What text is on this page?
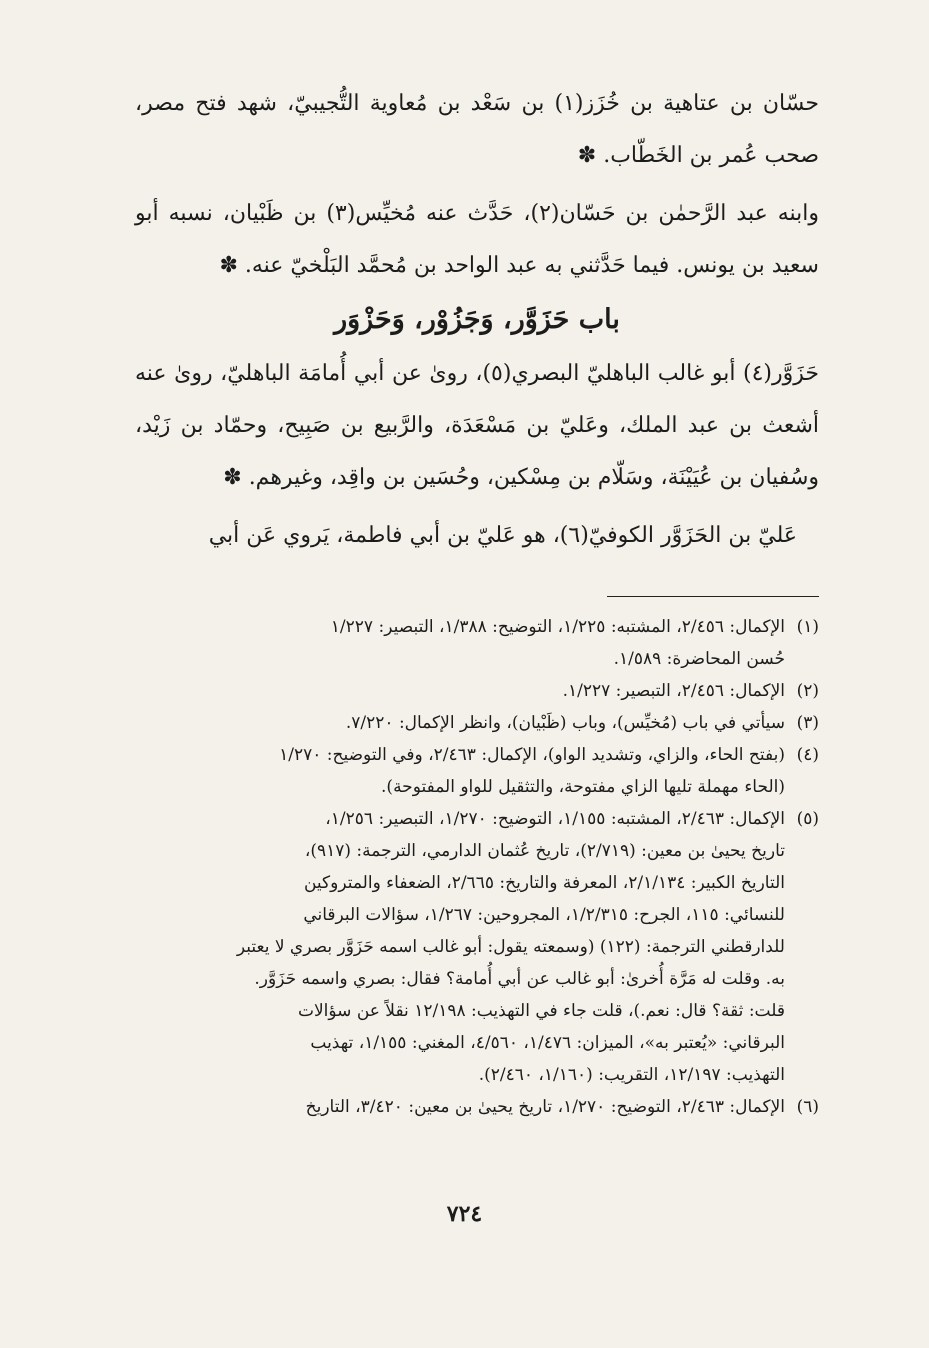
حسّان بن عتاهية بن خُزَز(١) بن سَعْد بن مُعاوية التُّجيبيّ، شهد فتح مصر، صحب عُمر بن الخَطّاب. ✽

وابنه عبد الرَّحمٰن بن حَسّان(٢)، حَدَّث عنه مُخيِّس(٣) بن ظَبْيان، نسبه أبو سعيد بن يونس. فيما حَدَّثني به عبد الواحد بن مُحمَّد البَلْخيّ عنه. ✽

باب حَزَوَّر، وَجَزُوْر، وَحَزْوَر

حَزَوَّر(٤) أبو غالب الباهليّ البصري(٥)، روىٰ عن أبي أُمامَة الباهليّ، روىٰ عنه أشعث بن عبد الملك، وعَليّ بن مَسْعَدَة، والرَّبيع بن صَبِيح، وحمّاد بن زَيْد، وسُفيان بن عُيَيْنَة، وسَلّام بن مِسْكين، وحُسَين بن واقِد، وغيرهم. ✽

عَليّ بن الحَزَوَّر الكوفيّ(٦)، هو عَليّ بن أبي فاطمة، يَروي عَن أبي

(١)
الإكمال: ٢/٤٥٦، المشتبه: ١/٢٢٥، التوضيح: ١/٣٨٨، التبصير: ١/٢٢٧
حُسن المحاضرة: ١/٥٨٩.

(٢)
الإكمال: ٢/٤٥٦، التبصير: ١/٢٢٧.

(٣)
سيأتي في باب (مُخيِّس)، وباب (ظَبْيان)، وانظر الإكمال: ٧/٢٢٠.

(٤)
(بفتح الحاء، والزاي، وتشديد الواو)، الإكمال: ٢/٤٦٣، وفي التوضيح: ١/٢٧٠
(الحاء مهملة تليها الزاي مفتوحة، والتثقيل للواو المفتوحة).

(٥)
الإكمال: ٢/٤٦٣، المشتبه: ١/١٥٥، التوضيح: ١/٢٧٠، التبصير: ١/٢٥٦،
تاريخ يحيىٰ بن معين: (٢/٧١٩)، تاريخ عُثمان الدارمي، الترجمة: (٩١٧)،
التاريخ الكبير: ٢/١/١٣٤، المعرفة والتاريخ: ٢/٦٦٥، الضعفاء والمتروكين
للنسائي: ١١٥، الجرح: ١/٢/٣١٥، المجروحين: ١/٢٦٧، سؤالات البرقاني
للدارقطني الترجمة: (١٢٢) (وسمعته يقول: أبو غالب اسمه حَزَوَّر بصري لا يعتبر
به. وقلت له مَرَّة أُخرىٰ: أبو غالب عن أبي أُمامة؟ فقال: بصري واسمه حَزَوَّر.
قلت: ثقة؟ قال: نعم.)، قلت جاء في التهذيب: ١٢/١٩٨ نقلاً عن سؤالات
البرقاني: «يُعتبر به»، الميزان: ١/٤٧٦، ٤/٥٦٠، المغني: ١/١٥٥، تهذيب
التهذيب: ١٢/١٩٧، التقريب: (١/١٦٠، ٢/٤٦٠).

(٦)
الإكمال: ٢/٤٦٣، التوضيح: ١/٢٧٠، تاريخ يحيىٰ بن معين: ٣/٤٢٠، التاريخ

٧٢٤
